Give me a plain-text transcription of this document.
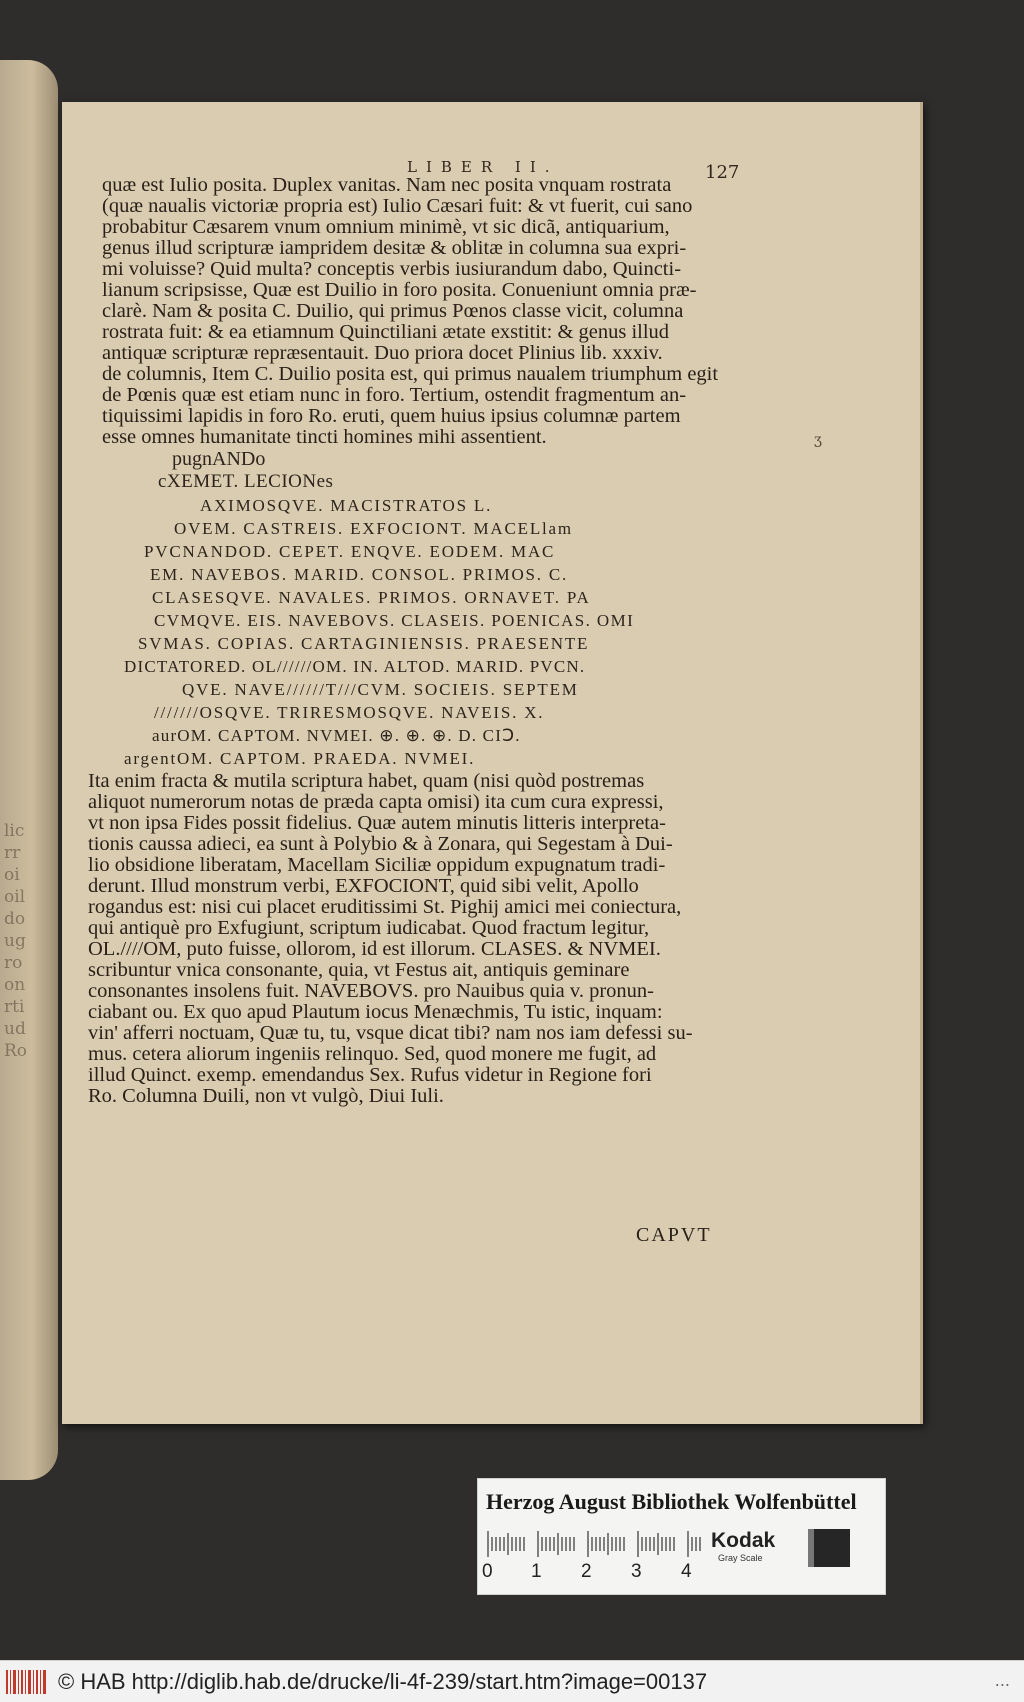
lic
rr
oi
oil
do
ug
ro
on
rti
ud
Ro
LIBER II.	127
ʒ
quæ est Iulio posita. Duplex vanitas. Nam nec posita vnquam rostrata
(quæ naualis victoriæ propria est) Iulio Cæsari fuit: & vt fuerit, cui sano
probabitur Cæsarem vnum omnium minimè, vt sic dicã, antiquarium,
genus illud scripturæ iampridem desitæ & oblitæ in columna sua expri-
mi voluisse? Quid multa? conceptis verbis iusiurandum dabo, Quincti-
lianum scripsisse, Quæ est Duilio in foro posita. Conueniunt omnia præ-
clarè. Nam & posita C. Duilio, qui primus Pœnos classe vicit, columna
rostrata fuit: & ea etiamnum Quinctiliani ætate exstitit: & genus illud
antiquæ scripturæ repræsentauit. Duo priora docet Plinius lib. xxxiv.
de columnis, Item C. Duilio posita est, qui primus naualem triumphum egit
de Pœnis quæ est etiam nunc in foro. Tertium, ostendit fragmentum an-
tiquissimi lapidis in foro Ro. eruti, quem huius ipsius columnæ partem
esse omnes humanitate tincti homines mihi assentient.
pugnANDo
cXEMET. LECIONes
AXIMOSQVE. MACISTRATOS L.
OVEM. CASTREIS. EXFOCIONT. MACELlam
PVCNANDOD. CEPET. ENQVE. EODEM. MAC
EM. NAVEBOS. MARID. CONSOL. PRIMOS. C.
CLASESQVE. NAVALES. PRIMOS. ORNAVET. PA
CVMQVE. EIS. NAVEBOVS. CLASEIS. POENICAS. OMI
SVMAS. COPIAS. CARTAGINIENSIS. PRAESENTE
DICTATORED. OL//////OM. IN. ALTOD. MARID. PVCN.
QVE. NAVE//////T///CVM. SOCIEIS. SEPTEM
///////OSQVE. TRIRESMOSQVE. NAVEIS. X.
aurOM. CAPTOM. NVMEI. ⊕. ⊕. ⊕. D. CIↃ.
argentOM. CAPTOM. PRAEDA. NVMEI.
Ita enim fracta & mutila scriptura habet, quam (nisi quòd postremas
aliquot numerorum notas de præda capta omisi) ita cum cura expressi,
vt non ipsa Fides possit fidelius. Quæ autem minutis litteris interpreta-
tionis caussa adieci, ea sunt à Polybio & à Zonara, qui Segestam à Dui-
lio obsidione liberatam, Macellam Siciliæ oppidum expugnatum tradi-
derunt. Illud monstrum verbi, EXFOCIONT, quid sibi velit, Apollo
rogandus est: nisi cui placet eruditissimi St. Pighij amici mei coniectura,
qui antiquè pro Exfugiunt, scriptum iudicabat. Quod fractum legitur,
OL.////OM, puto fuisse, ollorom, id est illorum. CLASES. & NVMEI.
scribuntur vnica consonante, quia, vt Festus ait, antiquis geminare
consonantes insolens fuit. NAVEBOVS. pro Nauibus quia v. pronun-
ciabant ou. Ex quo apud Plautum iocus Menæchmis, Tu istic, inquam:
vin' afferri noctuam, Quæ tu, tu, vsque dicat tibi? nam nos iam defessi su-
mus. cetera aliorum ingeniis relinquo. Sed, quod monere me fugit, ad
illud Quinct. exemp. emendandus Sex. Rufus videtur in Regione fori
Ro. Columna Duili, non vt vulgò, Diui Iuli.
CAPVT
Herzog August Bibliothek Wolfenbüttel
0 1 2 3 4
Kodak
Gray Scale
© HAB http://diglib.hab.de/drucke/li-4f-239/start.htm?image=00137	...
